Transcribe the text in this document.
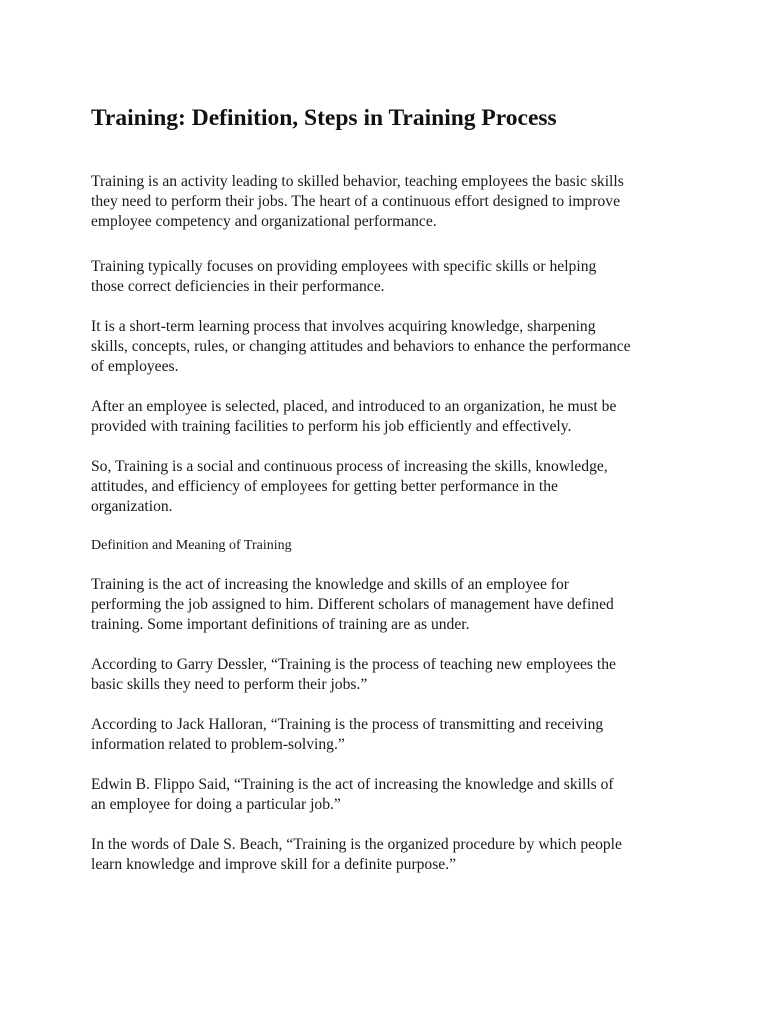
Training: Definition, Steps in Training Process

Training is an activity leading to skilled behavior, teaching employees the basic skills
they need to perform their jobs. The heart of a continuous effort designed to improve
employee competency and organizational performance.

Training typically focuses on providing employees with specific skills or helping
those correct deficiencies in their performance.

It is a short-term learning process that involves acquiring knowledge, sharpening
skills, concepts, rules, or changing attitudes and behaviors to enhance the performance
of employees.

After an employee is selected, placed, and introduced to an organization, he must be
provided with training facilities to perform his job efficiently and effectively.

So, Training is a social and continuous process of increasing the skills, knowledge,
attitudes, and efficiency of employees for getting better performance in the
organization.

Definition and Meaning of Training

Training is the act of increasing the knowledge and skills of an employee for
performing the job assigned to him. Different scholars of management have defined
training. Some important definitions of training are as under.

According to Garry Dessler, “Training is the process of teaching new employees the
basic skills they need to perform their jobs.”

According to Jack Halloran, “Training is the process of transmitting and receiving
information related to problem-solving.”

Edwin B. Flippo Said, “Training is the act of increasing the knowledge and skills of
an employee for doing a particular job.”

In the words of Dale S. Beach, “Training is the organized procedure by which people
learn knowledge and improve skill for a definite purpose.”
